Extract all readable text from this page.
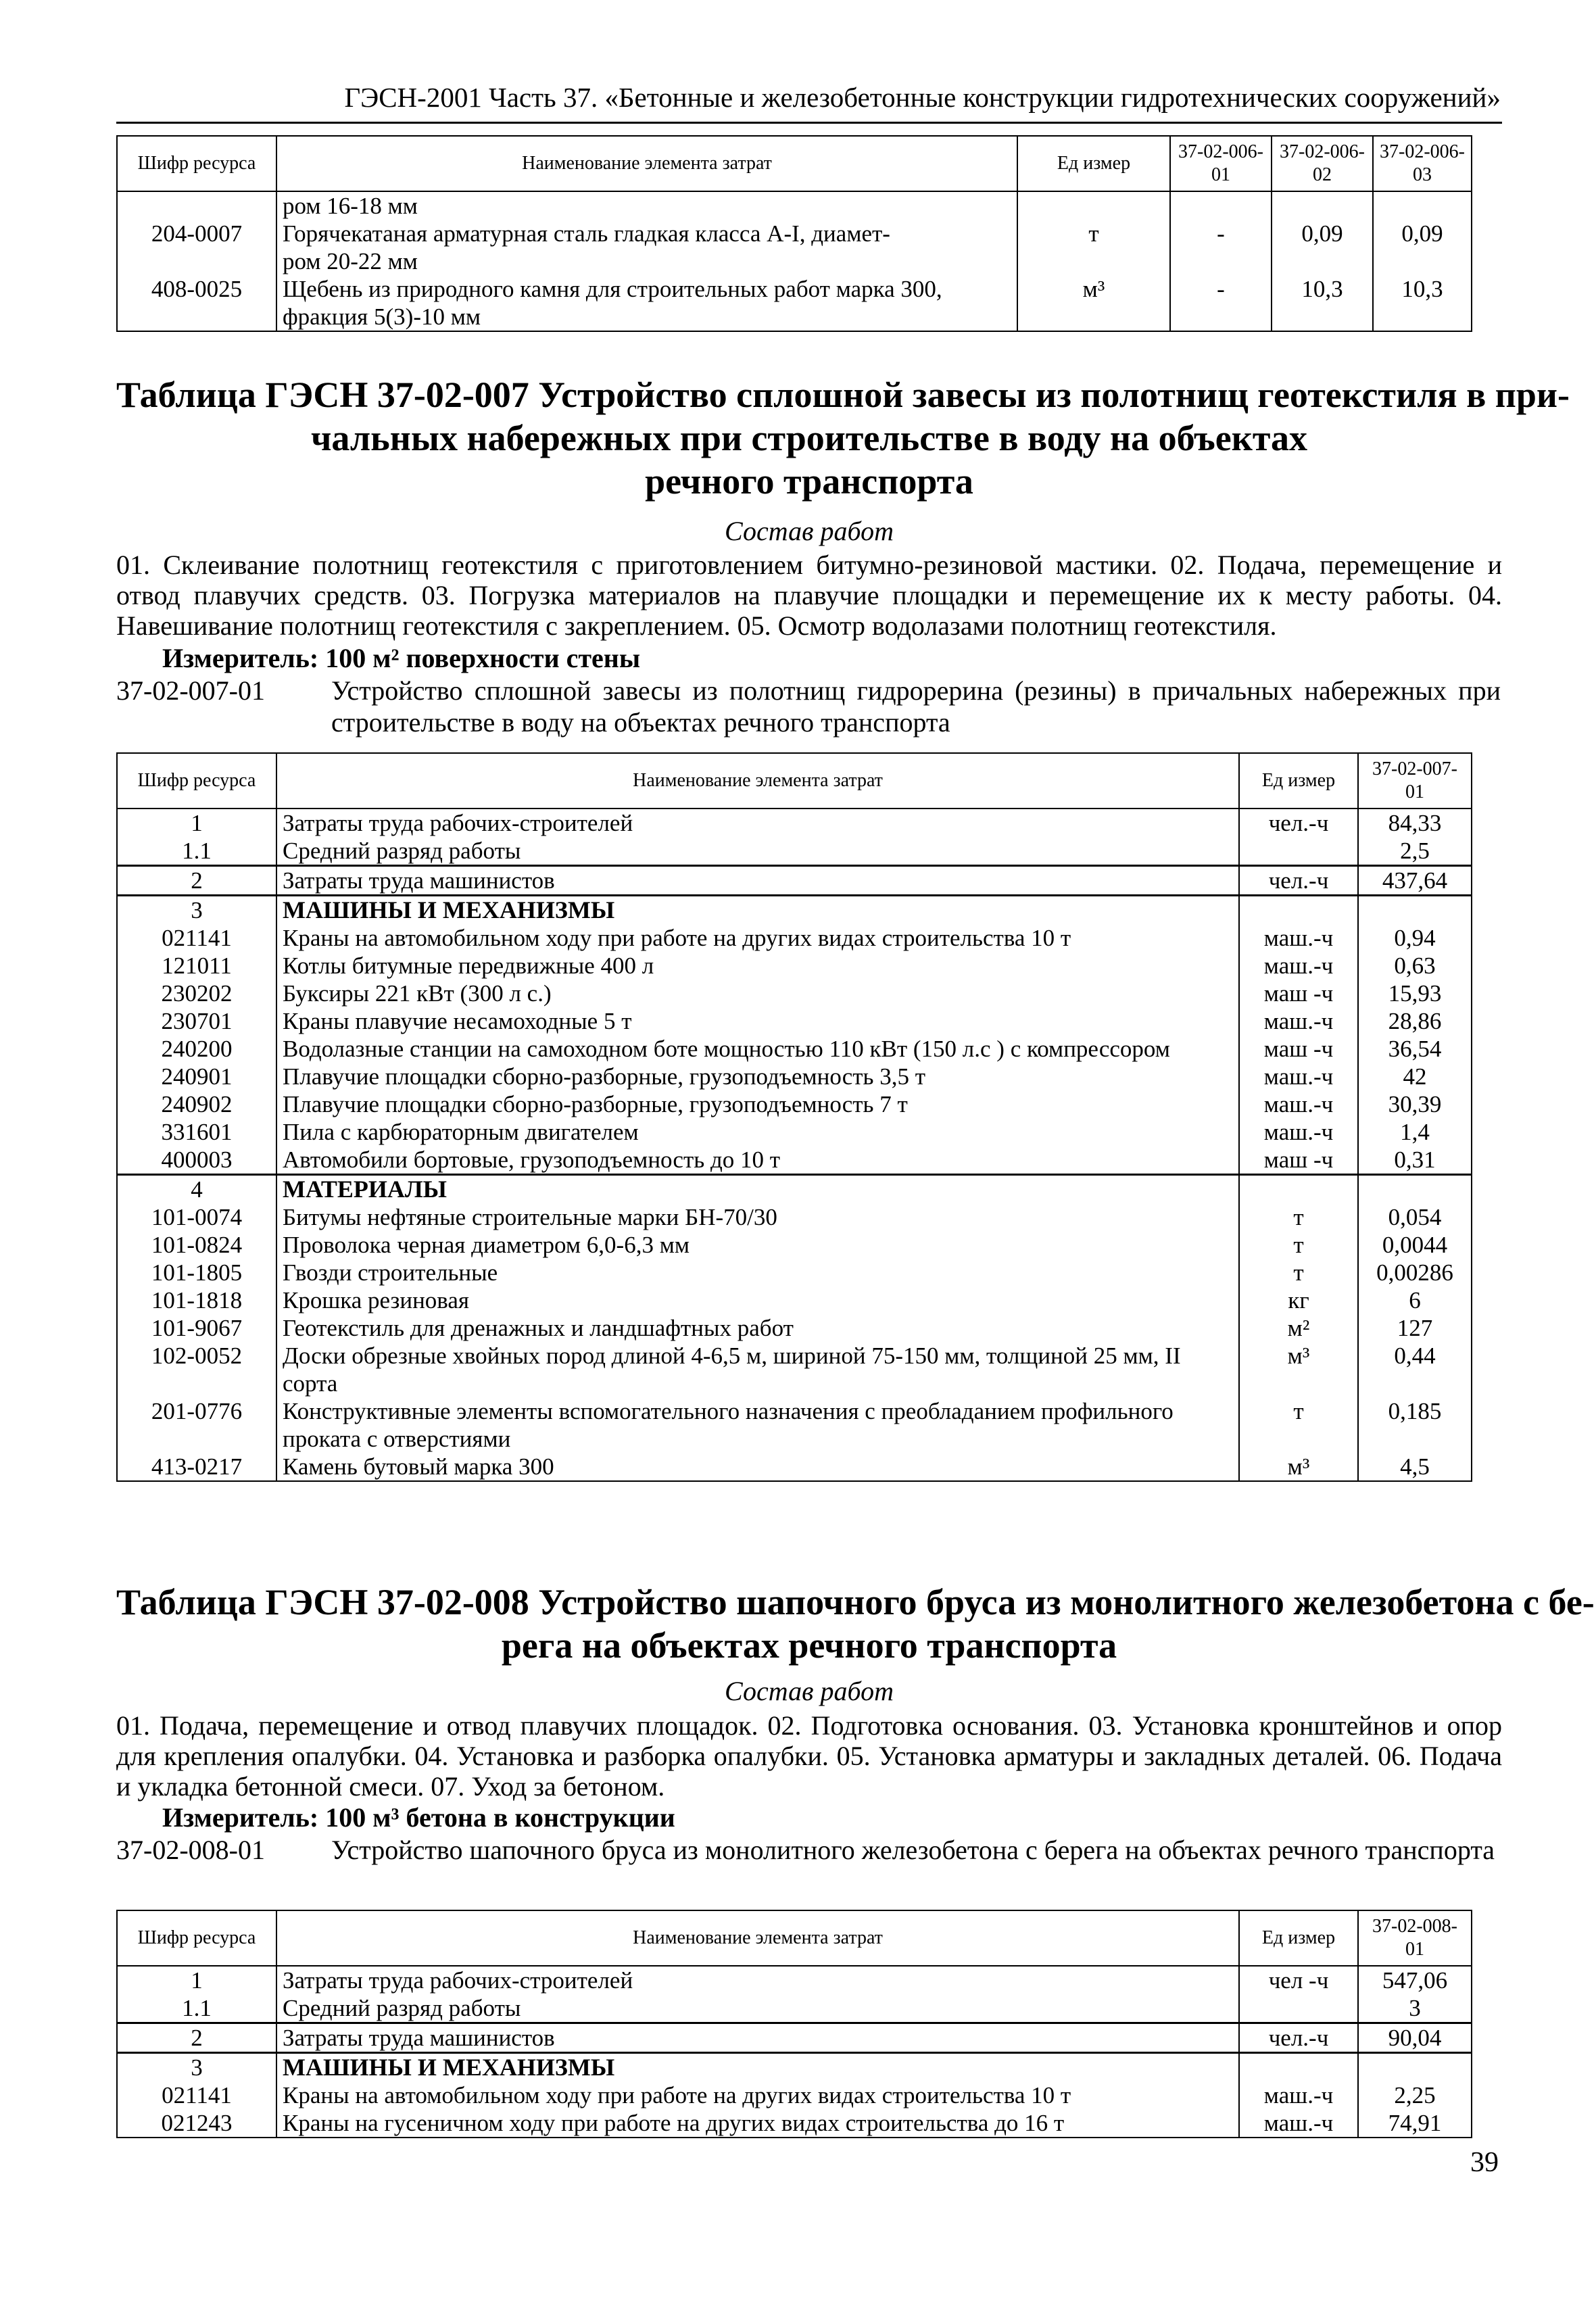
ГЭСН-2001 Часть 37. «Бетонные и железобетонные конструкции гидротехнических сооружений»
Шифр ресурса	Наименование элемента затрат	Ед измер	37-02-006-01	37-02-006-02	37-02-006-03
	ром 16-18 мм				
204-0007	Горячекатаная арматурная сталь гладкая класса А-I, диамет-	т	-	0,09	0,09
	ром 20-22 мм				
408-0025	Щебень из природного камня для строительных работ марка 300,	м³	-	10,3	10,3
	фракция 5(3)-10 мм				
Таблица ГЭСН 37-02-007 Устройство сплошной завесы из полотнищ геотекстиля в при-
чальных набережных при строительстве в воду на объектах
речного транспорта
Состав работ
01. Склеивание полотнищ геотекстиля с приготовлением битумно-резиновой мастики. 02. Подача, перемещение и отвод плавучих средств. 03. Погрузка материалов на плавучие площадки и перемещение их к месту работы. 04. Навешивание полотнищ геотекстиля с закреплением. 05. Осмотр водолазами полотнищ геотекстиля.
Измеритель: 100 м² поверхности стены
37-02-007-01 Устройство сплошной завесы из полотнищ гидрорерина (резины) в причальных набережных при строительстве в воду на объектах речного транспорта
Шифр ресурса	Наименование элемента затрат	Ед измер	37-02-007-01
1	Затраты труда рабочих-строителей	чел.-ч	84,33
1.1	Средний разряд работы		2,5
2	Затраты труда машинистов	чел.-ч	437,64
3	МАШИНЫ И МЕХАНИЗМЫ		
021141	Краны на автомобильном ходу при работе на других видах строительства 10 т	маш.-ч	0,94
121011	Котлы битумные передвижные 400 л	маш.-ч	0,63
230202	Буксиры 221 кВт (300 л с.)	маш -ч	15,93
230701	Краны плавучие несамоходные 5 т	маш.-ч	28,86
240200	Водолазные станции на самоходном боте мощностью 110 кВт (150 л.с ) с компрессором	маш -ч	36,54
240901	Плавучие площадки сборно-разборные, грузоподъемность 3,5 т	маш.-ч	42
240902	Плавучие площадки сборно-разборные, грузоподъемность 7 т	маш.-ч	30,39
331601	Пила с карбюраторным двигателем	маш.-ч	1,4
400003	Автомобили бортовые, грузоподъемность до 10 т	маш -ч	0,31
4	МАТЕРИАЛЫ		
101-0074	Битумы нефтяные строительные марки БН-70/30	т	0,054
101-0824	Проволока черная диаметром 6,0-6,3 мм	т	0,0044
101-1805	Гвозди строительные	т	0,00286
101-1818	Крошка резиновая	кг	6
101-9067	Геотекстиль для дренажных и ландшафтных работ	м²	127
102-0052	Доски обрезные хвойных пород длиной 4-6,5 м, шириной 75-150 мм, толщиной 25 мм, II	м³	0,44
	сорта		
201-0776	Конструктивные элементы вспомогательного назначения с преобладанием профильного	т	0,185
	проката с отверстиями		
413-0217	Камень бутовый марка 300	м³	4,5
Таблица ГЭСН 37-02-008 Устройство шапочного бруса из монолитного железобетона с бе-
рега на объектах речного транспорта
Состав работ
01. Подача, перемещение и отвод плавучих площадок. 02. Подготовка основания. 03. Установка кронштейнов и опор для крепления опалубки. 04. Установка и разборка опалубки. 05. Установка арматуры и закладных деталей. 06. Подача и укладка бетонной смеси. 07. Уход за бетоном.
Измеритель: 100 м³ бетона в конструкции
37-02-008-01 Устройство шапочного бруса из монолитного железобетона с берега на объектах речного транспорта
Шифр ресурса	Наименование элемента затрат	Ед измер	37-02-008-01
1	Затраты труда рабочих-строителей	чел -ч	547,06
1.1	Средний разряд работы		3
2	Затраты труда машинистов	чел.-ч	90,04
3	МАШИНЫ И МЕХАНИЗМЫ		
021141	Краны на автомобильном ходу при работе на других видах строительства 10 т	маш.-ч	2,25
021243	Краны на гусеничном ходу при работе на других видах строительства до 16 т	маш.-ч	74,91
39
